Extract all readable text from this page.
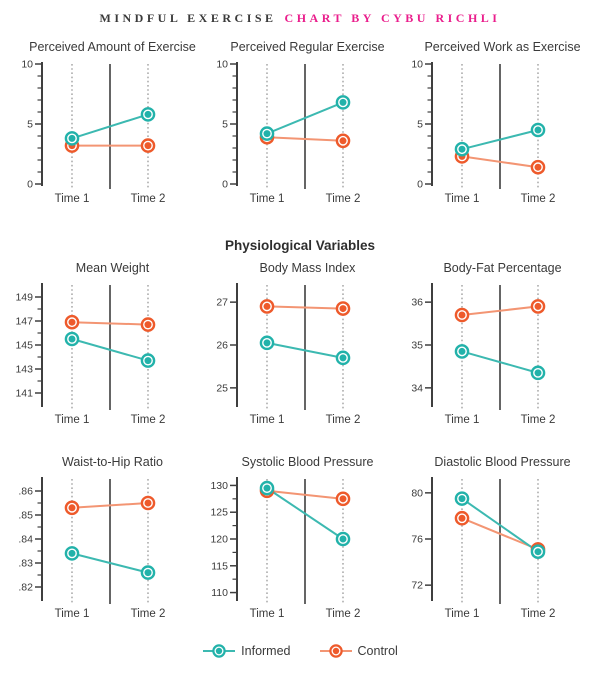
MINDFUL EXERCISE CHART BY CYBU RICHLI
Perceived Amount of Exercise
10
5
0
Time 1	Time 2
Perceived Regular Exercise
10
5
0
Time 1	Time 2
Perceived Work as Exercise
10
5
0
Time 1	Time 2
Physiological Variables
Mean Weight
149
147
145
143
141
Time 1	Time 2
Body Mass Index
27
26
25
Time 1	Time 2
Body-Fat Percentage
36
35
34
Time 1	Time 2
Waist-to-Hip Ratio
.86
.85
.84
.83
.82
Time 1	Time 2
Systolic Blood Pressure
130
125
120
115
110
Time 1	Time 2
Diastolic Blood Pressure
80
76
72
Time 1	Time 2
Informed	Control
